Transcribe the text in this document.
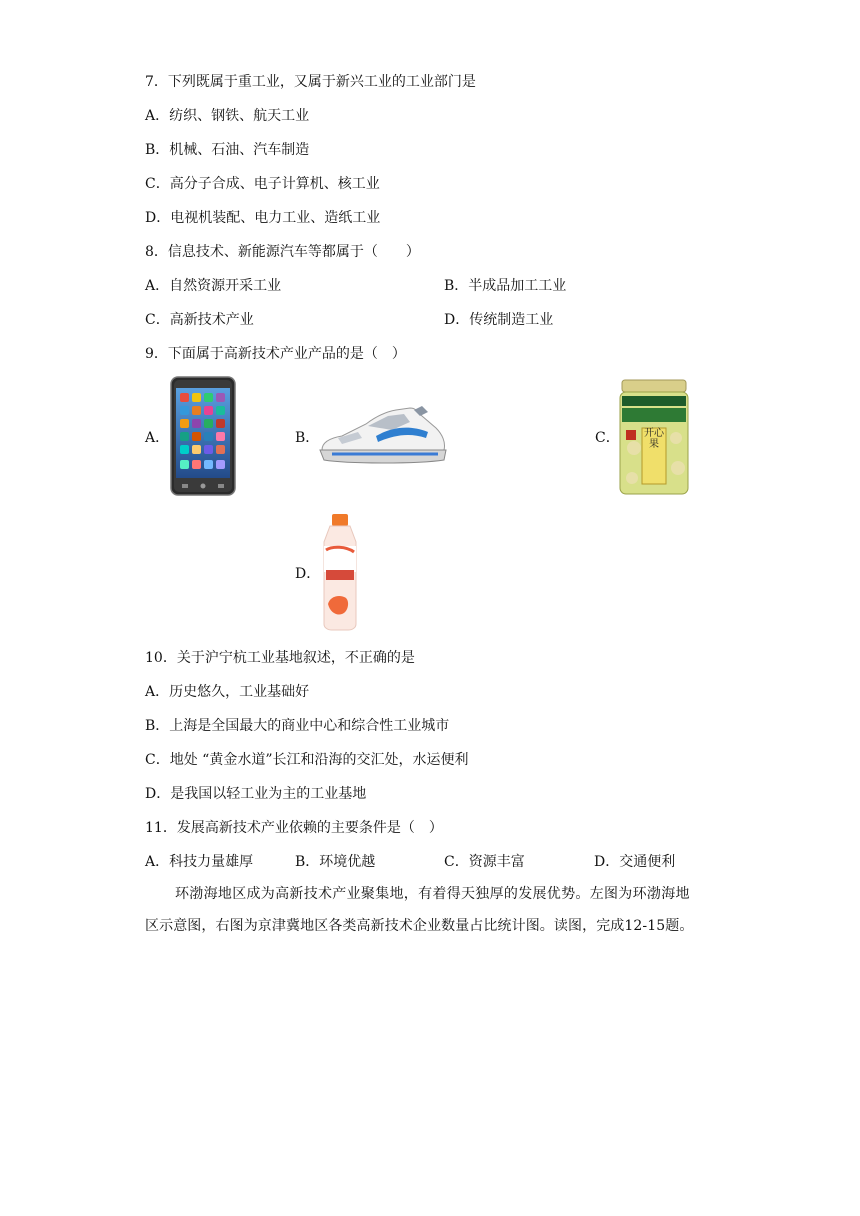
7．下列既属于重工业，又属于新兴工业的工业部门是
A．纺织、钢铁、航天工业
B．机械、石油、汽车制造
C．高分子合成、电子计算机、核工业
D．电视机装配、电力工业、造纸工业
8．信息技术、新能源汽车等都属于（　　）
A．自然资源开采工业	B．半成品加工工业
C．高新技术产业	D．传统制造工业
9．下面属于高新技术产业产品的是（　）
A．	B．	C． 开心果
D．
10．关于沪宁杭工业基地叙述，不正确的是
A．历史悠久，工业基础好
B．上海是全国最大的商业中心和综合性工业城市
C．地处 “黄金水道”长江和沿海的交汇处，水运便利
D．是我国以轻工业为主的工业基地
11．发展高新技术产业依赖的主要条件是（　）
A．科技力量雄厚	B．环境优越	C．资源丰富	D．交通便利
环渤海地区成为高新技术产业聚集地，有着得天独厚的发展优势。左图为环渤海地
区示意图，右图为京津冀地区各类高新技术企业数量占比统计图。读图，完成12-15题。
